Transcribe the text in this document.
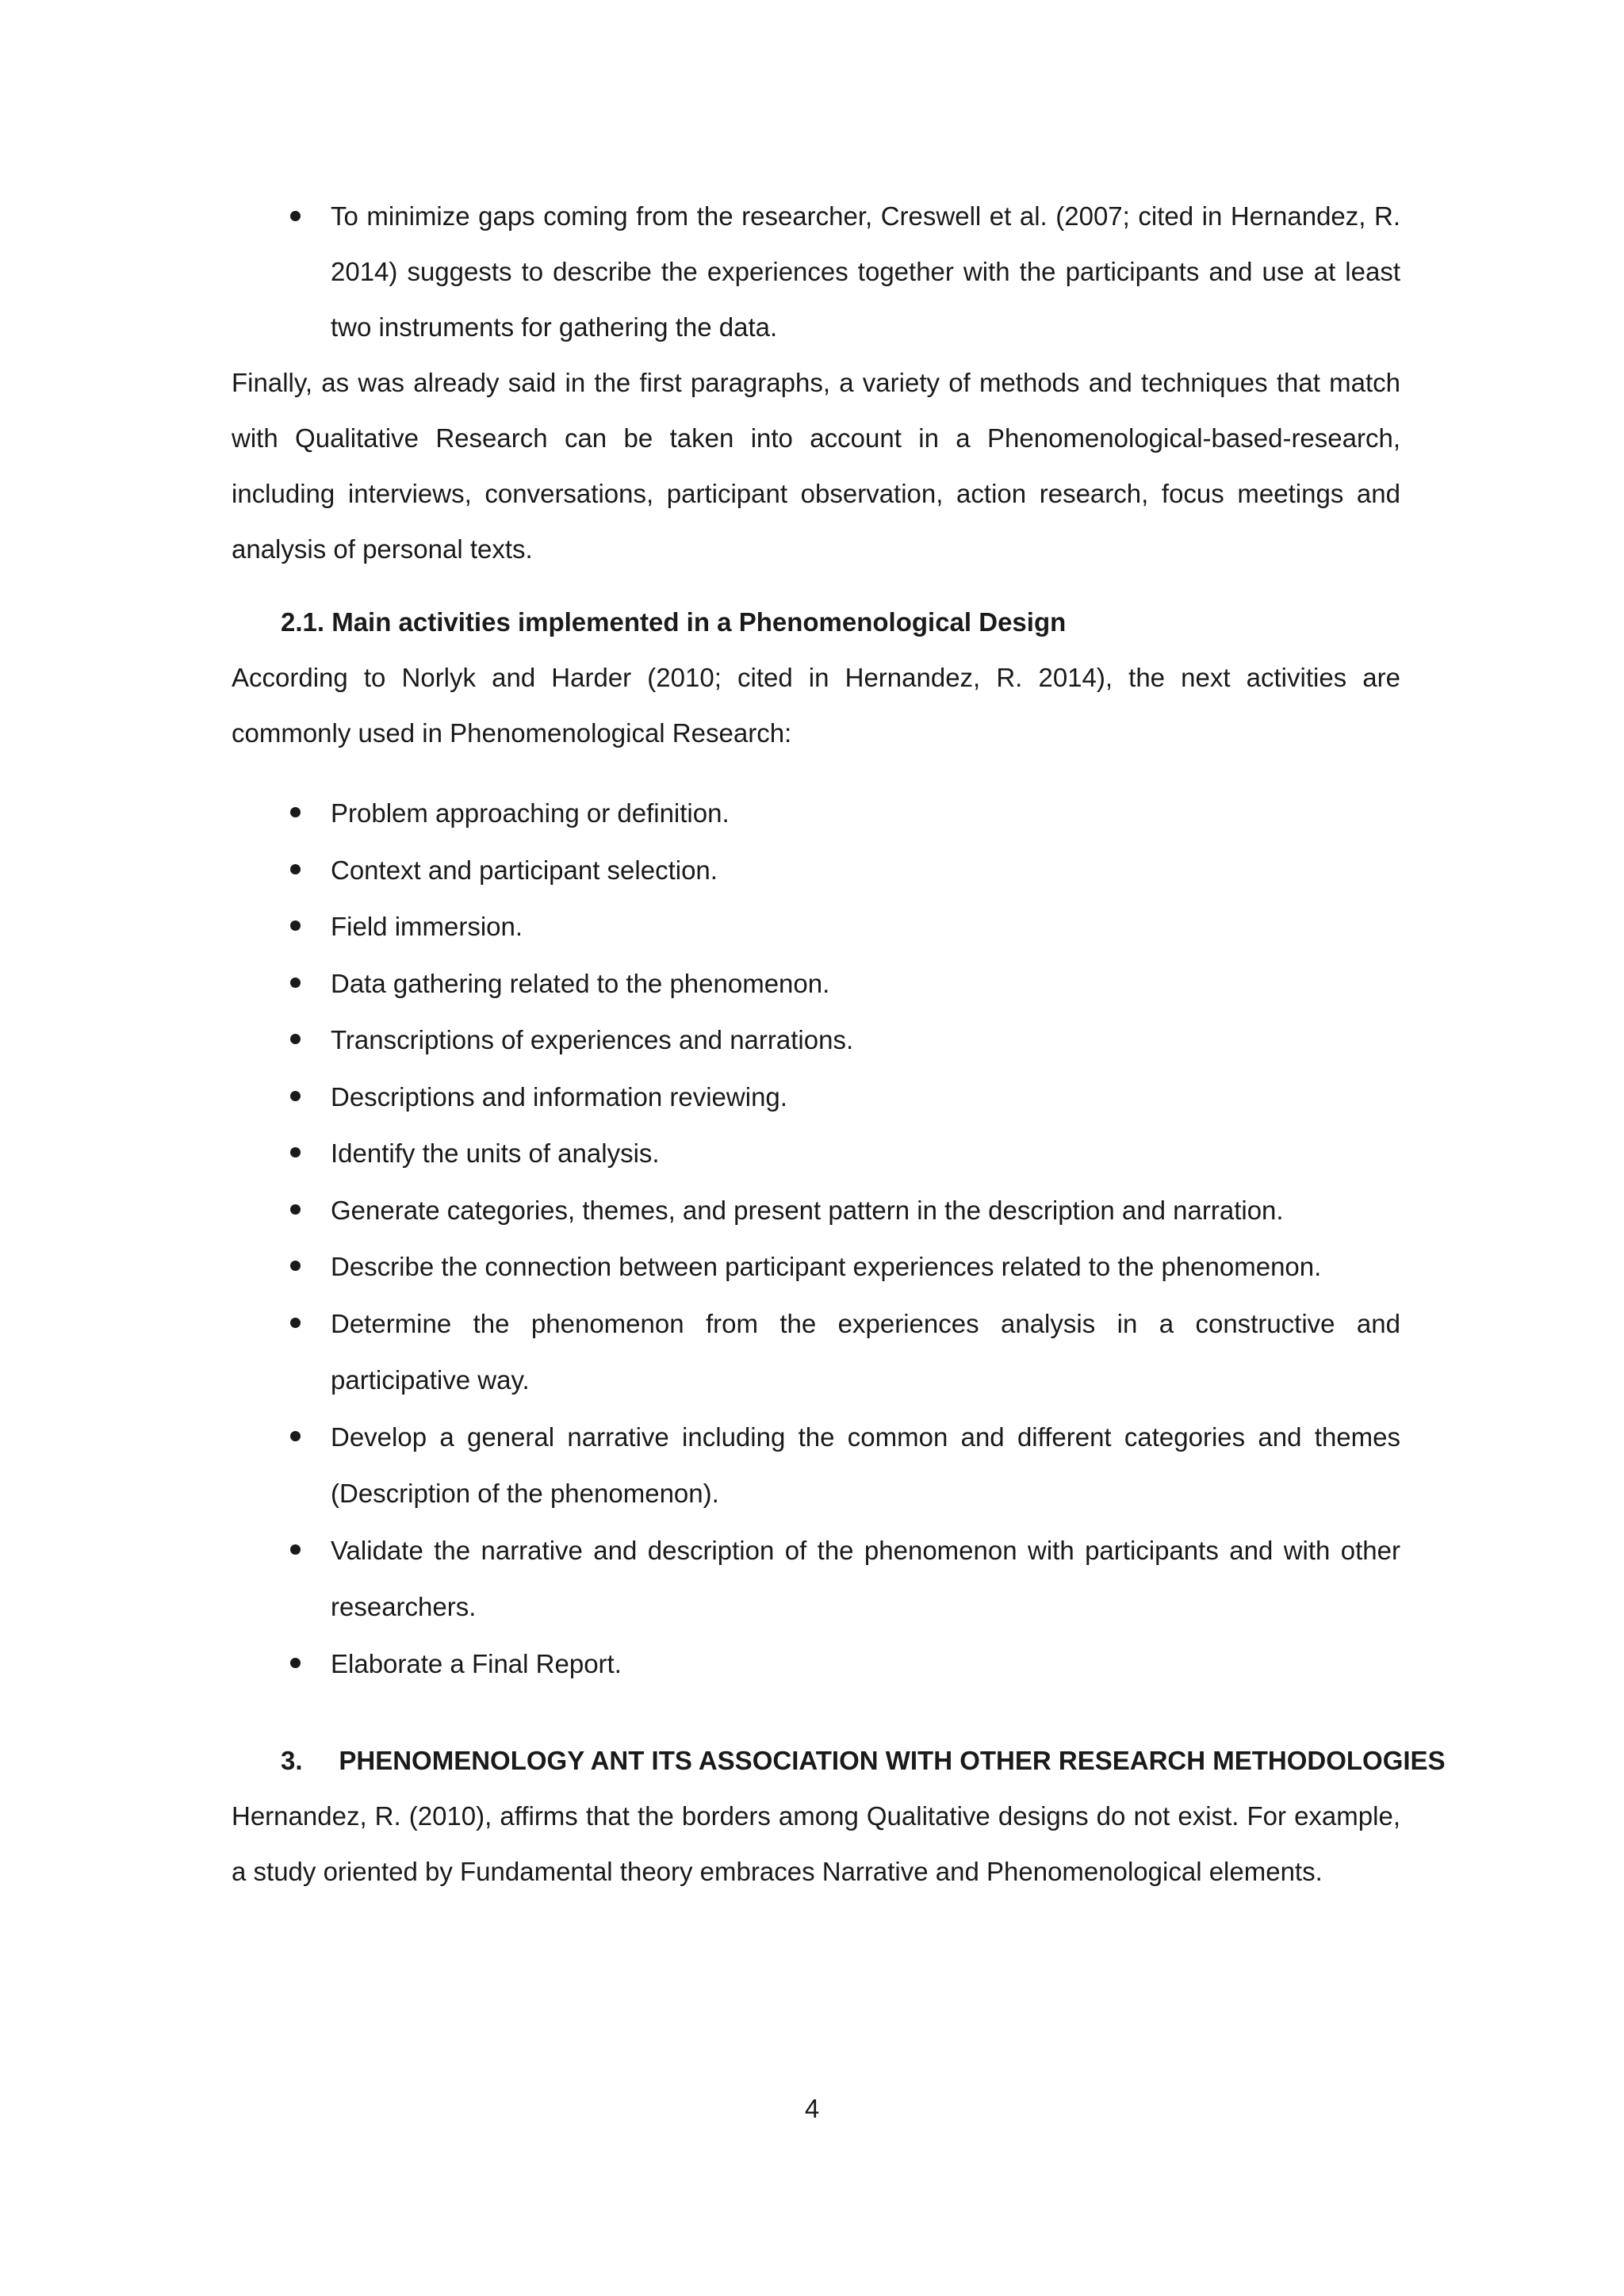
To minimize gaps coming from the researcher, Creswell et al. (2007; cited in Hernandez, R. 2014) suggests to describe the experiences together with the participants and use at least two instruments for gathering the data.

Finally, as was already said in the first paragraphs, a variety of methods and techniques that match with Qualitative Research can be taken into account in a Phenomenological-based-research, including interviews, conversations, participant observation, action research, focus meetings and analysis of personal texts.

2.1. Main activities implemented in a Phenomenological Design

According to Norlyk and Harder (2010; cited in Hernandez, R. 2014), the next activities are commonly used in Phenomenological Research:

Problem approaching or definition.
Context and participant selection.
Field immersion.
Data gathering related to the phenomenon.
Transcriptions of experiences and narrations.
Descriptions and information reviewing.
Identify the units of analysis.
Generate categories, themes, and present pattern in the description and narration.
Describe the connection between participant experiences related to the phenomenon.
Determine the phenomenon from the experiences analysis in a constructive and participative way.
Develop a general narrative including the common and different categories and themes (Description of the phenomenon).
Validate the narrative and description of the phenomenon with participants and with other researchers.
Elaborate a Final Report.
3.     PHENOMENOLOGY ANT ITS ASSOCIATION WITH OTHER RESEARCH METHODOLOGIES

Hernandez, R. (2010), affirms that the borders among Qualitative designs do not exist. For example, a study oriented by Fundamental theory embraces Narrative and Phenomenological elements.

4
